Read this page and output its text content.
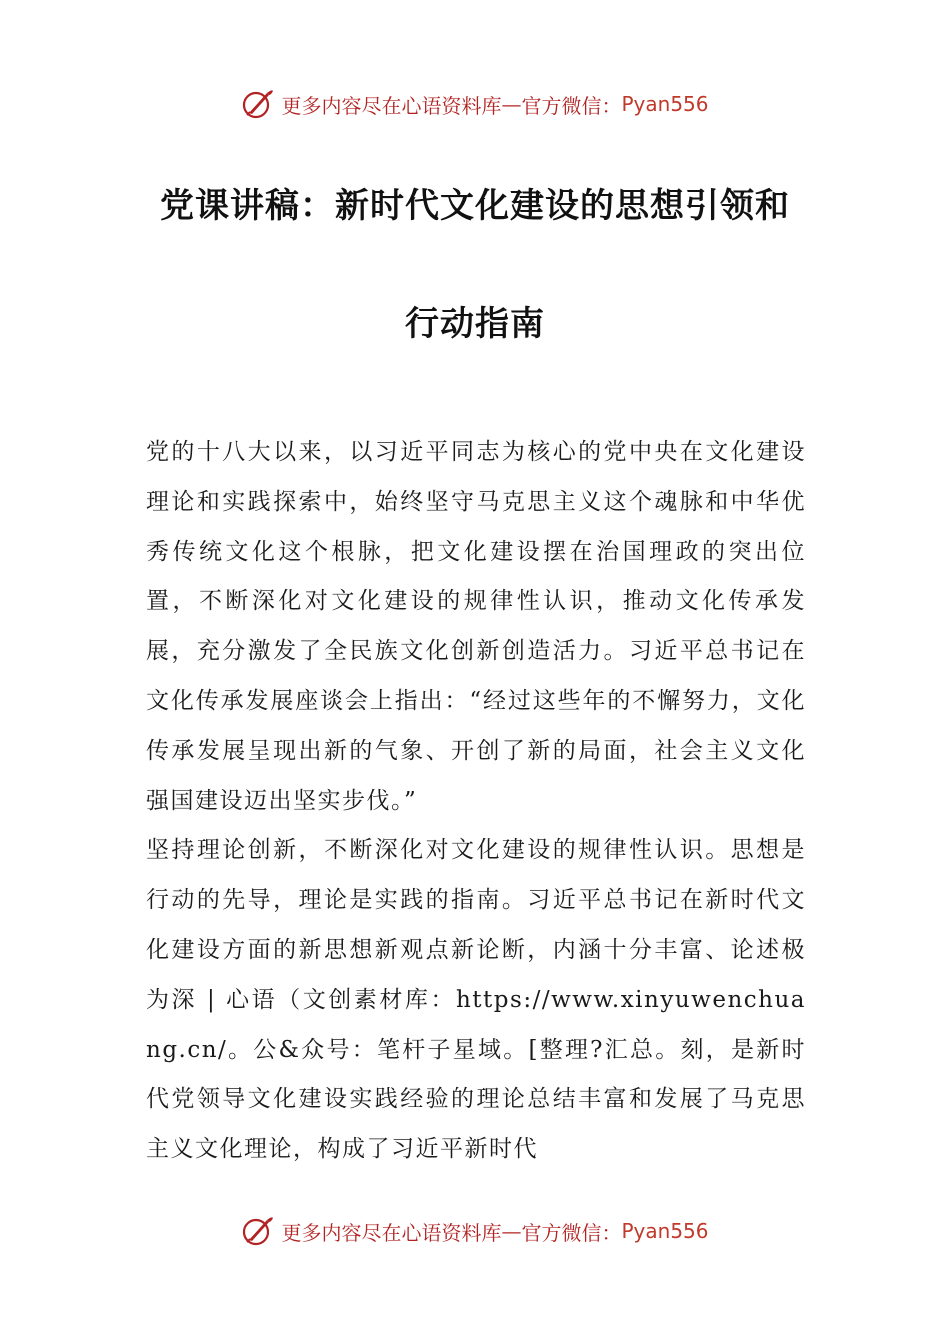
更多内容尽在心语资料库 — 官方微信： Pyan556
党课讲稿：新时代文化建设的思想引领和
行动指南

党的十八大以来，以习近平同志为核心的党中央在文化建设理论和实践探索中，始终坚守马克思主义这个魂脉和中华优秀传统文化这个根脉，把文化建设摆在治国理政的突出位置，不断深化对文化建设的规律性认识，推动文化传承发展，充分激发了全民族文化创新创造活力。习近平总书记在文化传承发展座谈会上指出：“经过这些年的不懈努力，文化传承发展呈现出新的气象、开创了新的局面，社会主义文化强国建设迈出坚实步伐。”

坚持理论创新，不断深化对文化建设的规律性认识。思想是行动的先导，理论是实践的指南。习近平总书记在新时代文化建设方面的新思想新观点新论断，内涵十分丰富、论述极为深 | 心语（文创素材库：https://www.xinyuwenchuang.cn/。公&众号：笔杆子星域。[整理?汇总。刻，是新时代党领导文化建设实践经验的理论总结丰富和发展了马克思主义文化理论，构成了习近平新时代

更多内容尽在心语资料库 — 官方微信： Pyan556
